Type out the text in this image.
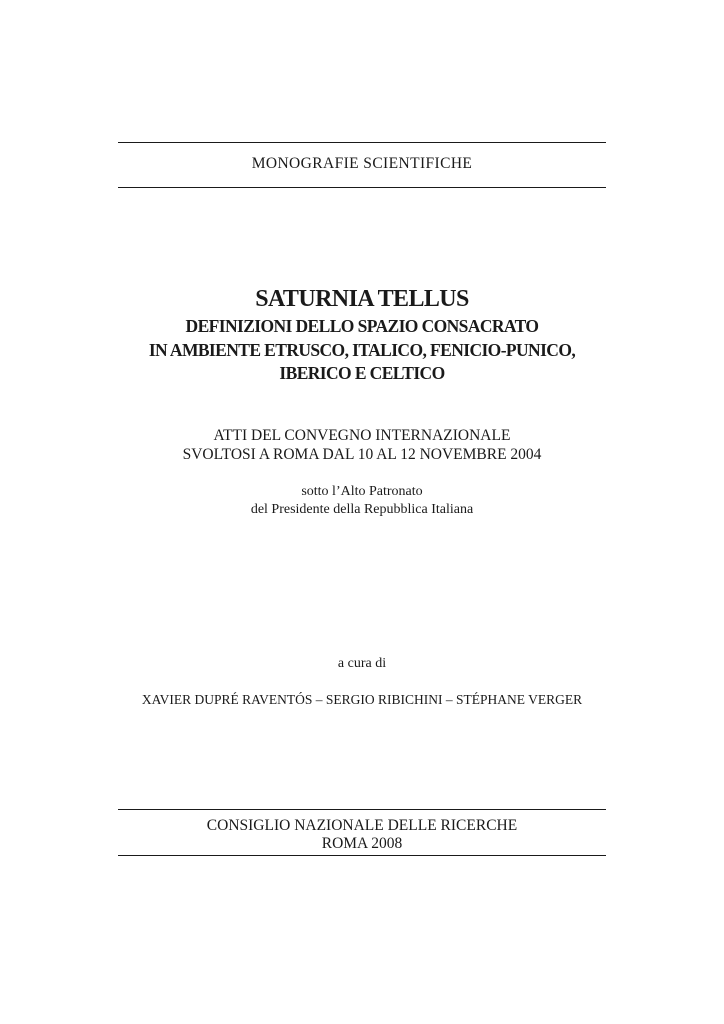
MONOGRAFIE SCIENTIFICHE
SATURNIA TELLUS
DEFINIZIONI DELLO SPAZIO CONSACRATO
IN AMBIENTE ETRUSCO, ITALICO, FENICIO-PUNICO,
IBERICO E CELTICO
ATTI DEL CONVEGNO INTERNAZIONALE
SVOLTOSI A ROMA DAL 10 AL 12 NOVEMBRE 2004
sotto l’Alto Patronato
del Presidente della Repubblica Italiana
a cura di
XAVIER DUPRÉ RAVENTÓS – SERGIO RIBICHINI – STÉPHANE VERGER
CONSIGLIO NAZIONALE DELLE RICERCHE
ROMA 2008
